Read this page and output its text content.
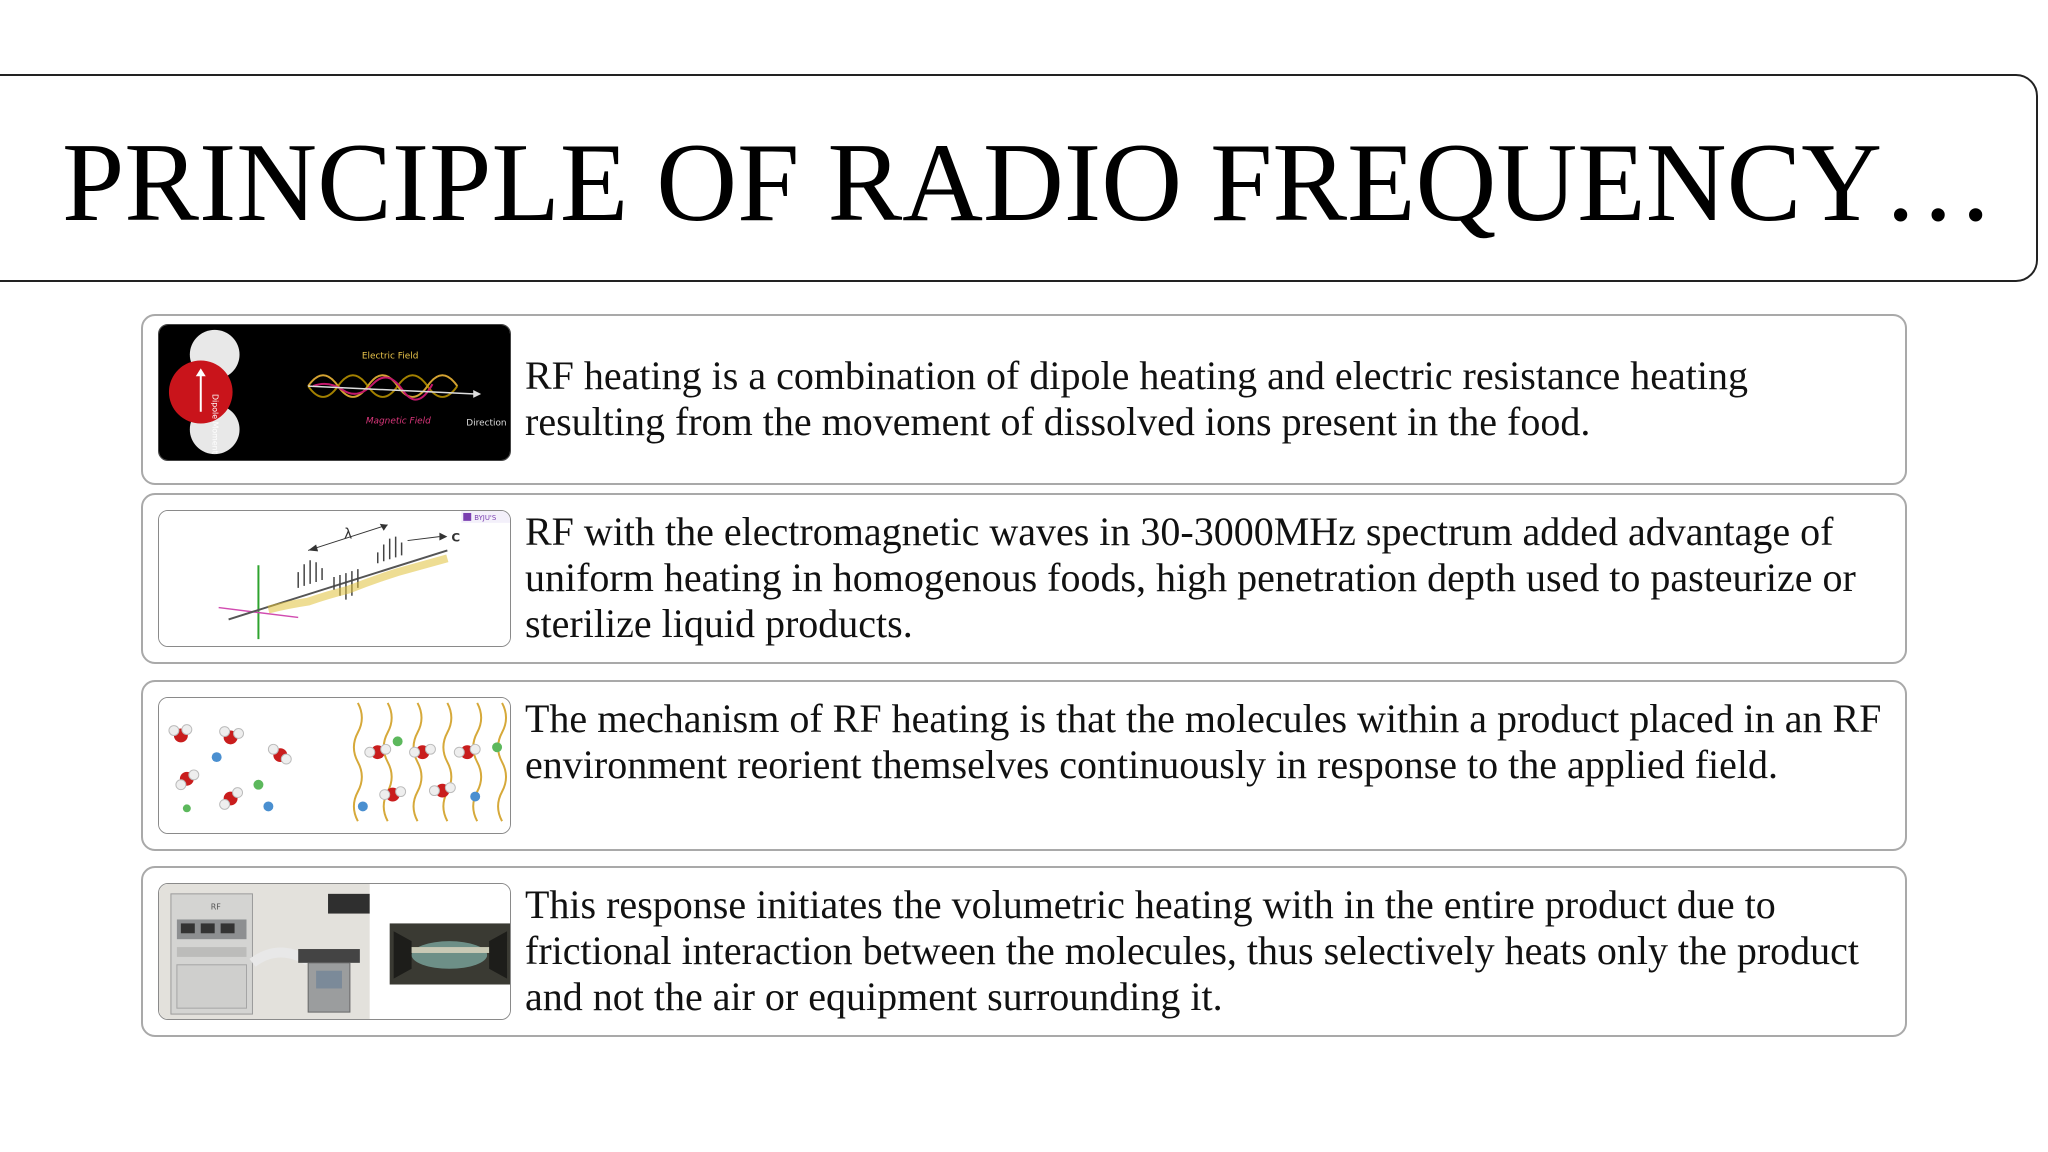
PRINCIPLE OF RADIO FREQUENCY…
Dipole Moment
Electric Field
Magnetic Field	Direction
RF heating is a combination of dipole heating and electric resistance heating resulting from the movement of dissolved ions present in the food.
λ	C
BYJU'S RF with the electromagnetic waves in 30-3000MHz spectrum added advantage of uniform heating in homogenous foods, high penetration depth used to pasteurize or sterilize liquid products.
The mechanism of RF heating is that the molecules within a product placed in an RF environment reorient themselves continuously in response to the applied field.
RF	This response initiates the volumetric heating with in the entire product due to frictional interaction between the molecules, thus selectively heats only the product and not the air or equipment surrounding it.
